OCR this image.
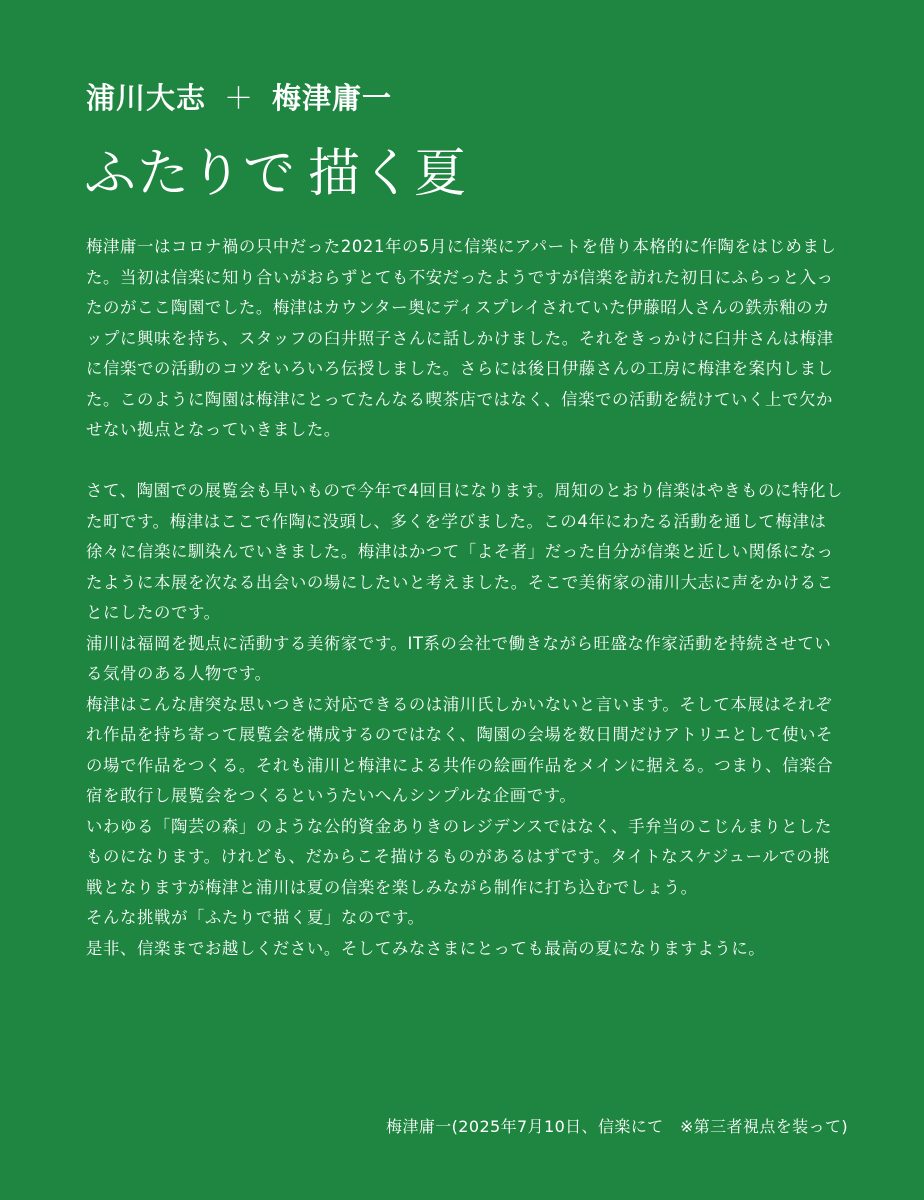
浦川大志 ＋ 梅津庸一
ふたりで 描く夏

梅津庸一はコロナ禍の只中だった2021年の5月に信楽にアパートを借り本格的に作陶をはじめました。当初は信楽に知り合いがおらずとても不安だったようですが信楽を訪れた初日にふらっと入ったのがここ陶園でした。梅津はカウンター奥にディスプレイされていた伊藤昭人さんの鉄赤釉のカップに興味を持ち、スタッフの臼井照子さんに話しかけました。それをきっかけに臼井さんは梅津に信楽での活動のコツをいろいろ伝授しました。さらには後日伊藤さんの工房に梅津を案内しました。このように陶園は梅津にとってたんなる喫茶店ではなく、信楽での活動を続けていく上で欠かせない拠点となっていきました。

さて、陶園での展覧会も早いもので今年で4回目になります。周知のとおり信楽はやきものに特化した町です。梅津はここで作陶に没頭し、多くを学びました。この4年にわたる活動を通して梅津は徐々に信楽に馴染んでいきました。梅津はかつて「よそ者」だった自分が信楽と近しい関係になったように本展を次なる出会いの場にしたいと考えました。そこで美術家の浦川大志に声をかけることにしたのです。

浦川は福岡を拠点に活動する美術家です。IT系の会社で働きながら旺盛な作家活動を持続させている気骨のある人物です。

梅津はこんな唐突な思いつきに対応できるのは浦川氏しかいないと言います。そして本展はそれぞれ作品を持ち寄って展覧会を構成するのではなく、陶園の会場を数日間だけアトリエとして使いその場で作品をつくる。それも浦川と梅津による共作の絵画作品をメインに据える。つまり、信楽合宿を敢行し展覧会をつくるというたいへんシンプルな企画です。

いわゆる「陶芸の森」のような公的資金ありきのレジデンスではなく、手弁当のこじんまりとしたものになります。けれども、だからこそ描けるものがあるはずです。タイトなスケジュールでの挑戦となりますが梅津と浦川は夏の信楽を楽しみながら制作に打ち込むでしょう。

そんな挑戦が「ふたりで描く夏」なのです。

是非、信楽までお越しください。そしてみなさまにとっても最高の夏になりますように。

梅津庸一(2025年7月10日、信楽にて　※第三者視点を装って)
